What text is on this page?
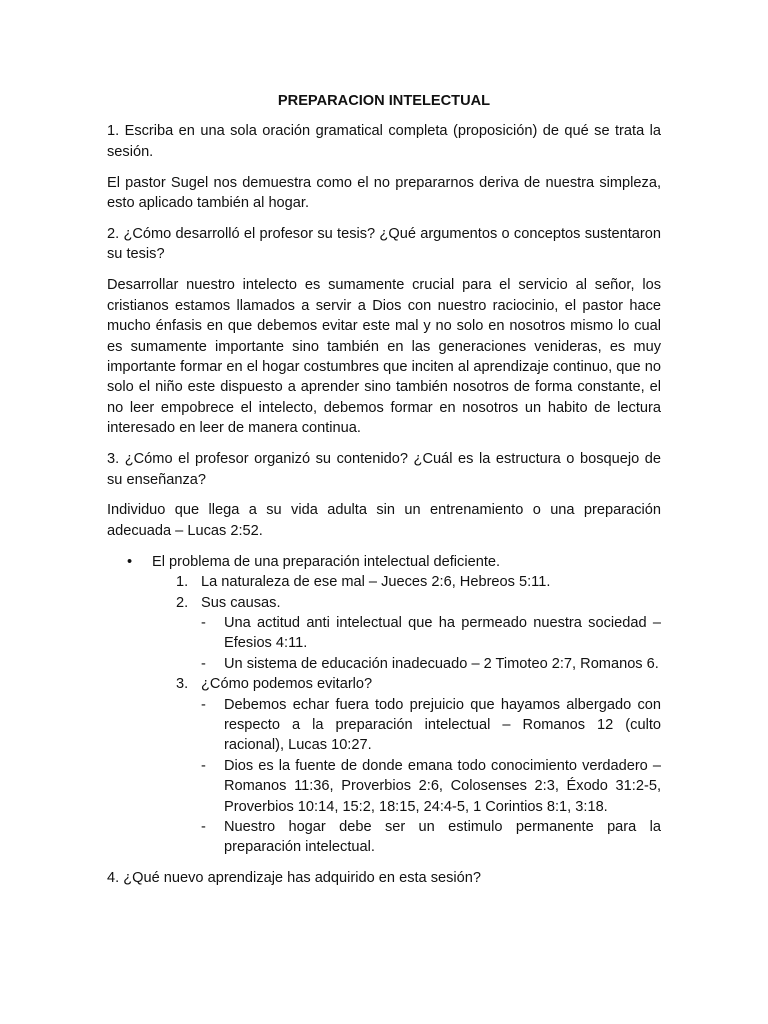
PREPARACION INTELECTUAL

1. Escriba en una sola oración gramatical completa (proposición) de qué se trata la sesión.

El pastor Sugel nos demuestra como el no prepararnos deriva de nuestra simpleza, esto aplicado también al hogar.

2. ¿Cómo desarrolló el profesor su tesis? ¿Qué argumentos o conceptos sustentaron su tesis?

Desarrollar nuestro intelecto es sumamente crucial para el servicio al señor, los cristianos estamos llamados a servir a Dios con nuestro raciocinio, el pastor hace mucho énfasis en que debemos evitar este mal y no solo en nosotros mismo lo cual es sumamente importante sino también en las generaciones venideras, es muy importante formar en el hogar costumbres que inciten al aprendizaje continuo, que no solo el niño este dispuesto a aprender sino también nosotros de forma constante, el no leer empobrece el intelecto, debemos formar en nosotros un habito de lectura interesado en leer de manera continua.

3. ¿Cómo el profesor organizó su contenido? ¿Cuál es la estructura o bosquejo de su enseñanza?

Individuo que llega a su vida adulta sin un entrenamiento o una preparación adecuada – Lucas 2:52.

• El problema de una preparación intelectual deficiente.
1. La naturaleza de ese mal – Jueces 2:6, Hebreos 5:11.
2. Sus causas.
- Una actitud anti intelectual que ha permeado nuestra sociedad – Efesios 4:11.
- Un sistema de educación inadecuado – 2 Timoteo 2:7, Romanos 6.
3. ¿Cómo podemos evitarlo?
- Debemos echar fuera todo prejuicio que hayamos albergado con respecto a la preparación intelectual – Romanos 12 (culto racional), Lucas 10:27.
- Dios es la fuente de donde emana todo conocimiento verdadero – Romanos 11:36, Proverbios 2:6, Colosenses 2:3, Éxodo 31:2-5, Proverbios 10:14, 15:2, 18:15, 24:4-5, 1 Corintios 8:1, 3:18.
- Nuestro hogar debe ser un estimulo permanente para la preparación intelectual.

4. ¿Qué nuevo aprendizaje has adquirido en esta sesión?
